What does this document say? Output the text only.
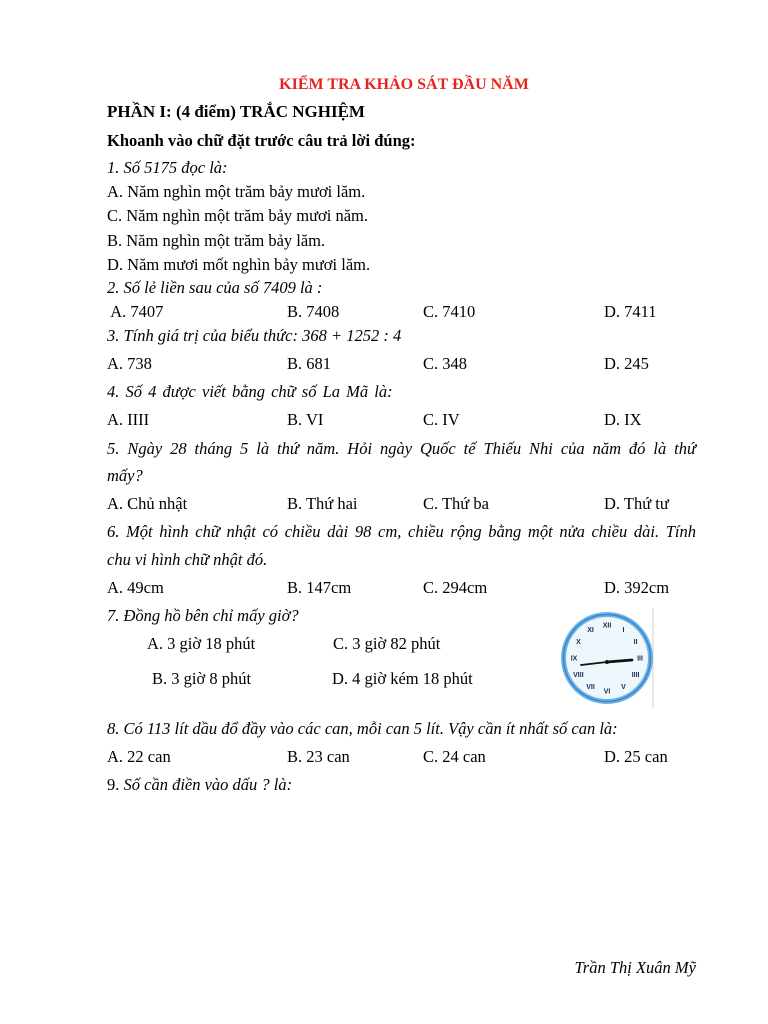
KIỂM TRA KHẢO SÁT ĐẦU NĂM
PHẦN I: (4 điểm) TRẮC NGHIỆM
Khoanh vào chữ đặt trước câu trả lời đúng:
1. Số 5175 đọc là:
A. Năm nghìn một trăm bảy mươi lăm.
C. Năm nghìn một trăm bảy mươi năm.
B. Năm nghìn một trăm bảy lăm.
D. Năm mươi mốt nghìn bảy mươi lăm.
2. Số lẻ liền sau của số 7409 là :
A. 7407	B. 7408	C. 7410	D. 7411
3. Tính giá trị của biểu thức: 368 + 1252 : 4
A. 738	B. 681	C. 348	D. 245
4. Số 4 được viết bằng chữ số La Mã là:
A. IIII	B. VI	C. IV	D. IX
5. Ngày 28 tháng 5 là thứ năm. Hỏi ngày Quốc tế Thiếu Nhi của năm đó là thứ
mấy?
A. Chủ nhật	B. Thứ hai	C. Thứ ba	D. Thứ tư
6. Một hình chữ nhật có chiều dài 98 cm, chiều rộng bằng một nửa chiều dài. Tính
chu vi hình chữ nhật đó.
A. 49cm	B. 147cm	C. 294cm	D. 392cm
7. Đồng hồ bên chỉ mấy giờ?
A. 3 giờ 18 phút	C. 3 giờ 82 phút
B. 3 giờ 8 phút	D. 4 giờ kém 18 phút
XII
I
II
III
IIII
V
VI
VII
VIII
IX
X
XI
8. Có 113 lít dầu đổ đầy vào các can, mỗi can 5 lít. Vậy cần ít nhất số can là:
A. 22 can	B. 23 can	C. 24 can	D. 25 can
9. Số cần điền vào dấu ? là:
Trần Thị Xuân Mỹ
